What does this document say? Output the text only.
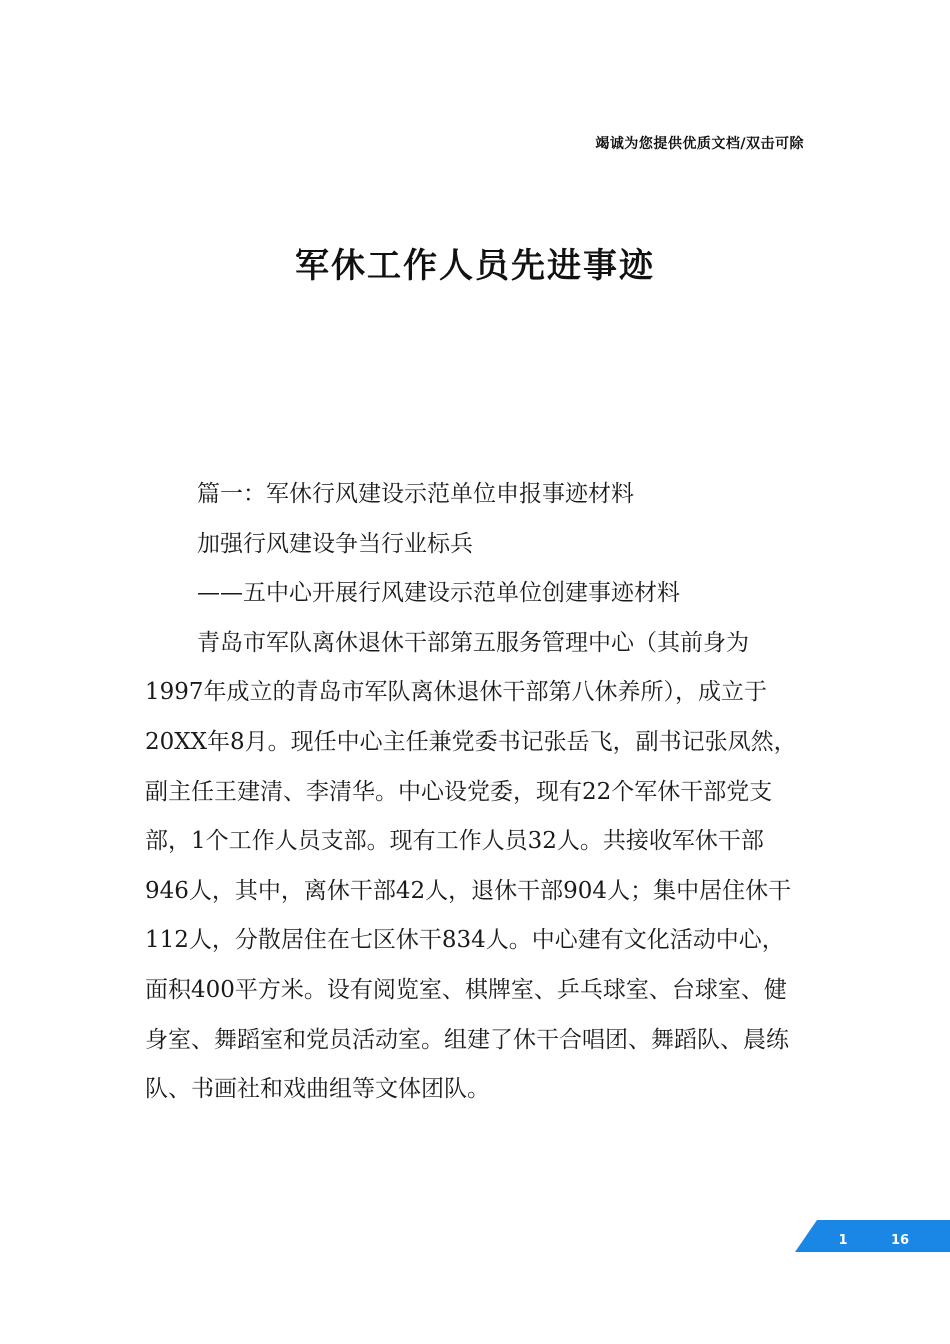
竭诚为您提供优质文档/双击可除
军休工作人员先进事迹

篇一：军休行风建设示范单位申报事迹材料

加强行风建设争当行业标兵

——五中心开展行风建设示范单位创建事迹材料

青岛市军队离休退休干部第五服务管理中心（其前身为1997年成立的青岛市军队离休退休干部第八休养所），成立于20XX年8月。现任中心主任兼党委书记张岳飞，副书记张凤然，副主任王建清、李清华。中心设党委，现有22个军休干部党支部，1个工作人员支部。现有工作人员32人。共接收军休干部946人，其中，离休干部42人，退休干部904人；集中居住休干112人，分散居住在七区休干834人。中心建有文化活动中心，面积400平方米。设有阅览室、棋牌室、乒乓球室、台球室、健身室、舞蹈室和党员活动室。组建了休干合唱团、舞蹈队、晨练队、书画社和戏曲组等文体团队。

1	16
